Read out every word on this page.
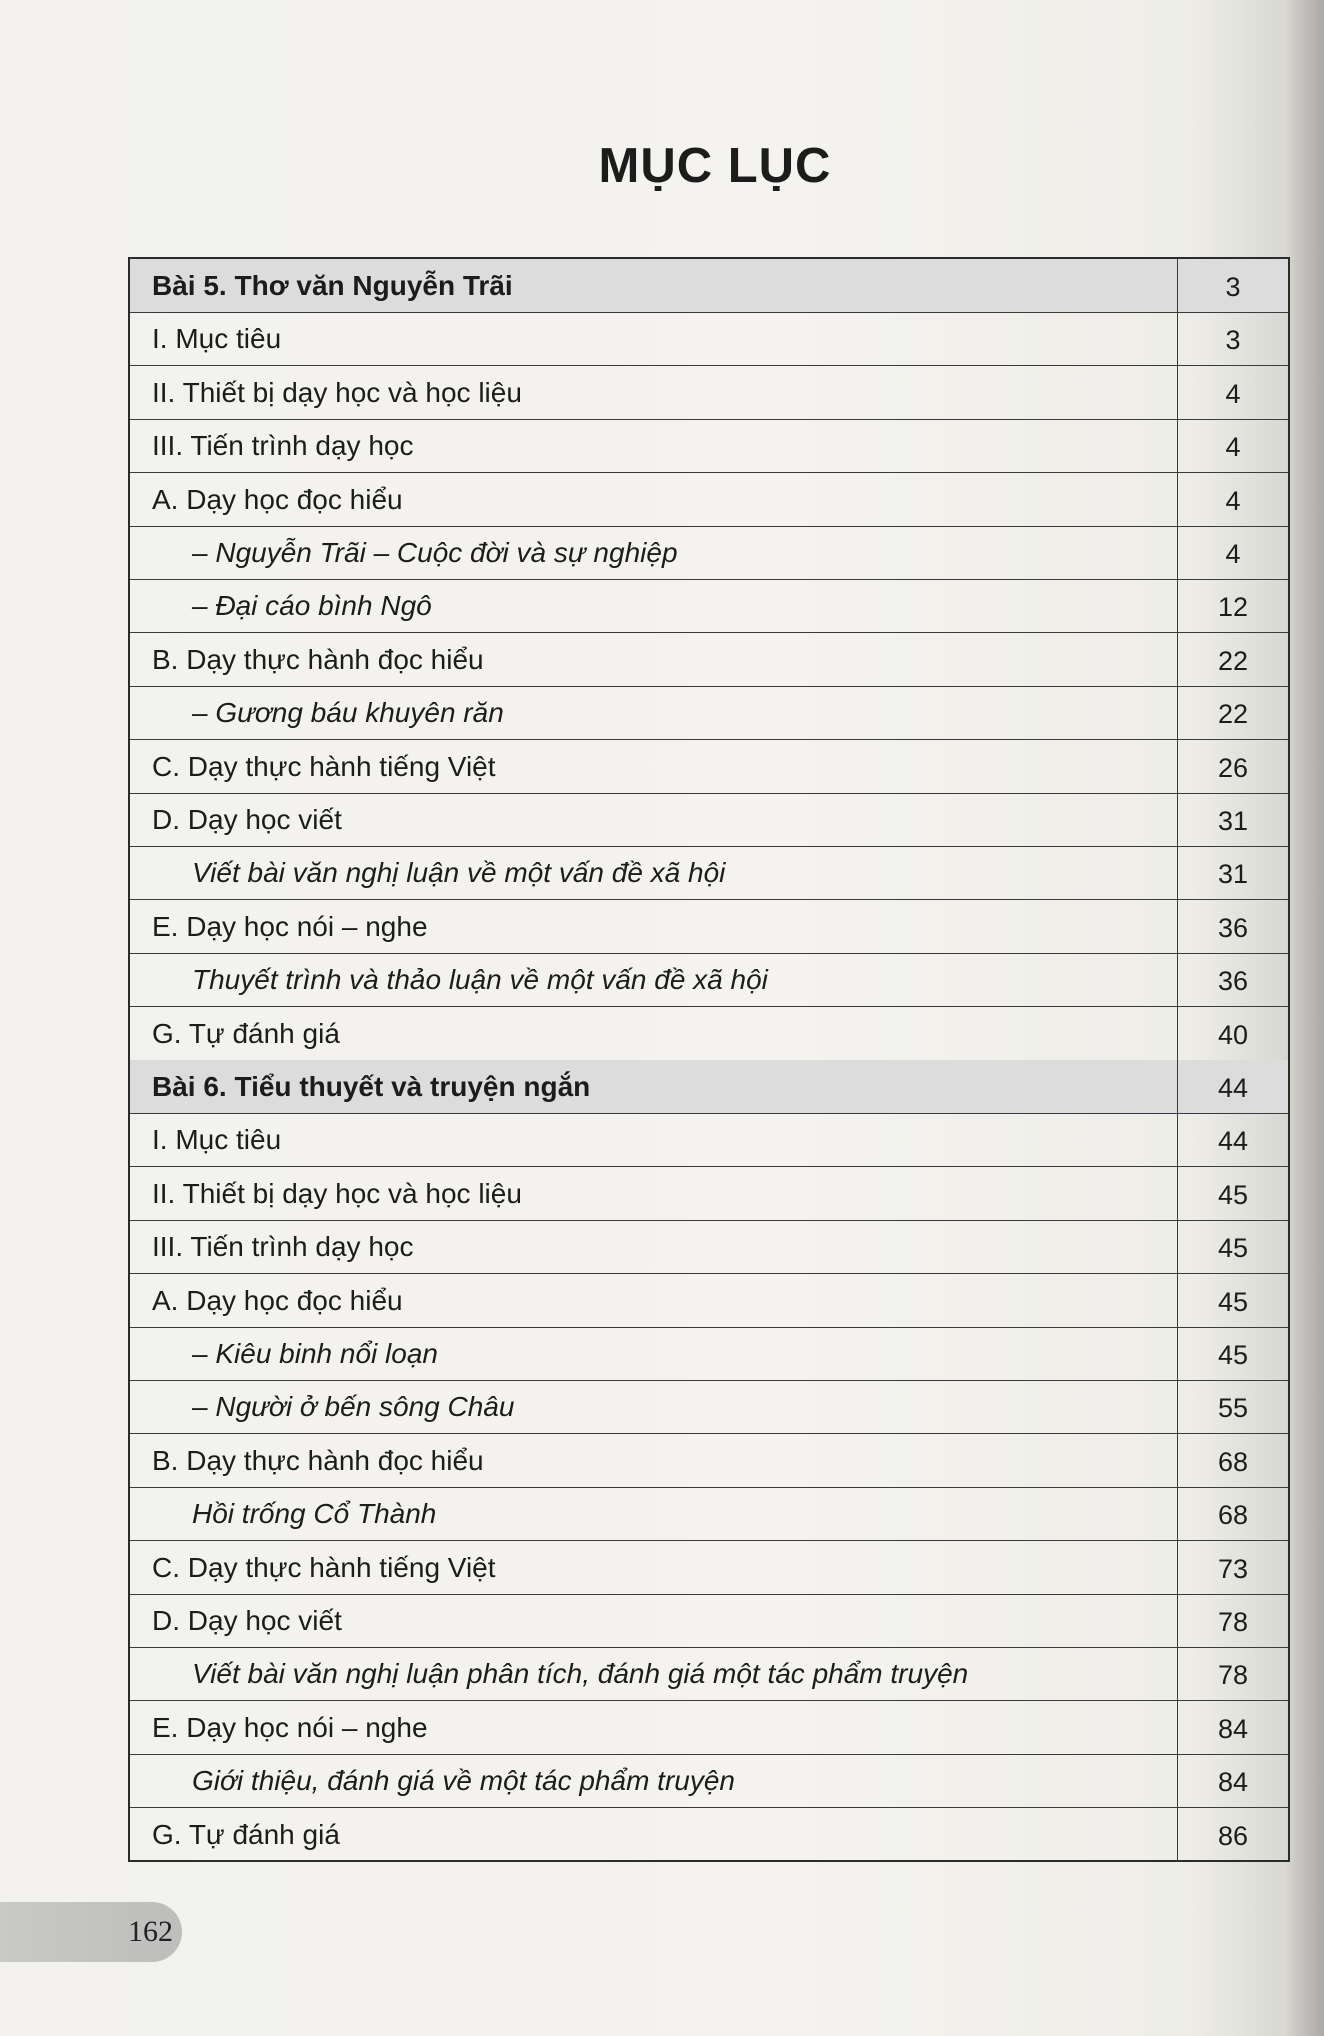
MỤC LỤC
Bài 5. Thơ văn Nguyễn Trãi	3
I. Mục tiêu	3
II. Thiết bị dạy học và học liệu	4
III. Tiến trình dạy học	4
A. Dạy học đọc hiểu	4
– Nguyễn Trãi – Cuộc đời và sự nghiệp	4
– Đại cáo bình Ngô	12
B. Dạy thực hành đọc hiểu	22
– Gương báu khuyên răn	22
C. Dạy thực hành tiếng Việt	26
D. Dạy học viết	31
Viết bài văn nghị luận về một vấn đề xã hội	31
E. Dạy học nói – nghe	36
Thuyết trình và thảo luận về một vấn đề xã hội	36
G. Tự đánh giá	40
Bài 6. Tiểu thuyết và truyện ngắn	44
I. Mục tiêu	44
II. Thiết bị dạy học và học liệu	45
III. Tiến trình dạy học	45
A. Dạy học đọc hiểu	45
– Kiêu binh nổi loạn	45
– Người ở bến sông Châu	55
B. Dạy thực hành đọc hiểu	68
Hồi trống Cổ Thành	68
C. Dạy thực hành tiếng Việt	73
D. Dạy học viết	78
Viết bài văn nghị luận phân tích, đánh giá một tác phẩm truyện	78
E. Dạy học nói – nghe	84
Giới thiệu, đánh giá về một tác phẩm truyện	84
G. Tự đánh giá	86
162
